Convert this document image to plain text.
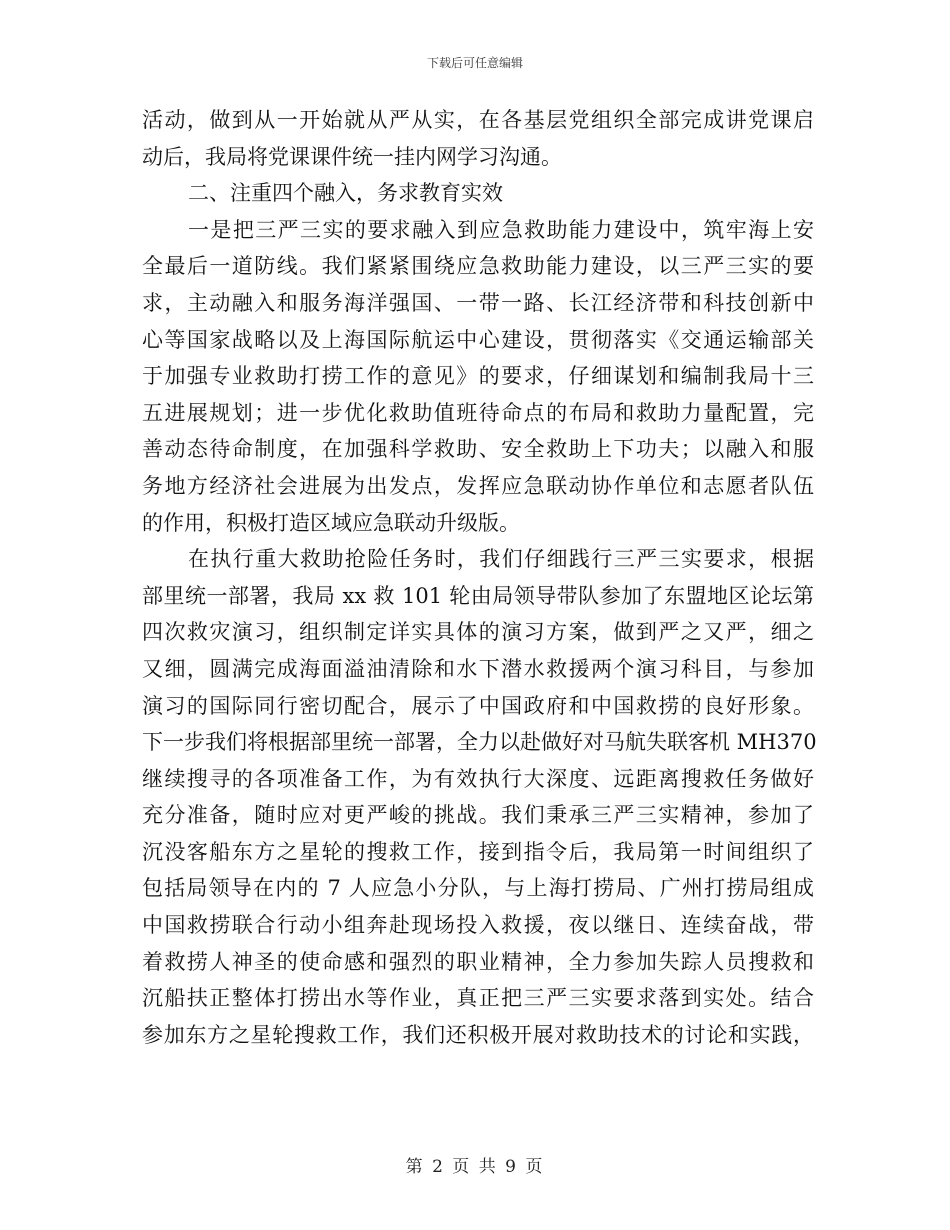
下载后可任意编辑
活动，做到从一开始就从严从实，在各基层党组织全部完成讲党课启
动后，我局将党课课件统一挂内网学习沟通。
二、注重四个融入，务求教育实效
一是把三严三实的要求融入到应急救助能力建设中，筑牢海上安
全最后一道防线。我们紧紧围绕应急救助能力建设，以三严三实的要
求，主动融入和服务海洋强国、一带一路、长江经济带和科技创新中
心等国家战略以及上海国际航运中心建设，贯彻落实《交通运输部关
于加强专业救助打捞工作的意见》的要求，仔细谋划和编制我局十三
五进展规划；进一步优化救助值班待命点的布局和救助力量配置，完
善动态待命制度，在加强科学救助、安全救助上下功夫；以融入和服
务地方经济社会进展为出发点，发挥应急联动协作单位和志愿者队伍
的作用，积极打造区域应急联动升级版。
在执行重大救助抢险任务时，我们仔细践行三严三实要求，根据
部里统一部署，我局 xx 救 101 轮由局领导带队参加了东盟地区论坛第
四次救灾演习，组织制定详实具体的演习方案，做到严之又严，细之
又细，圆满完成海面溢油清除和水下潜水救援两个演习科目，与参加
演习的国际同行密切配合，展示了中国政府和中国救捞的良好形象。
下一步我们将根据部里统一部署，全力以赴做好对马航失联客机 MH370
继续搜寻的各项准备工作，为有效执行大深度、远距离搜救任务做好
充分准备，随时应对更严峻的挑战。我们秉承三严三实精神，参加了
沉没客船东方之星轮的搜救工作，接到指令后，我局第一时间组织了
包括局领导在内的 7 人应急小分队，与上海打捞局、广州打捞局组成
中国救捞联合行动小组奔赴现场投入救援，夜以继日、连续奋战，带
着救捞人神圣的使命感和强烈的职业精神，全力参加失踪人员搜救和
沉船扶正整体打捞出水等作业，真正把三严三实要求落到实处。结合
参加东方之星轮搜救工作，我们还积极开展对救助技术的讨论和实践，
第 2 页 共 9 页
